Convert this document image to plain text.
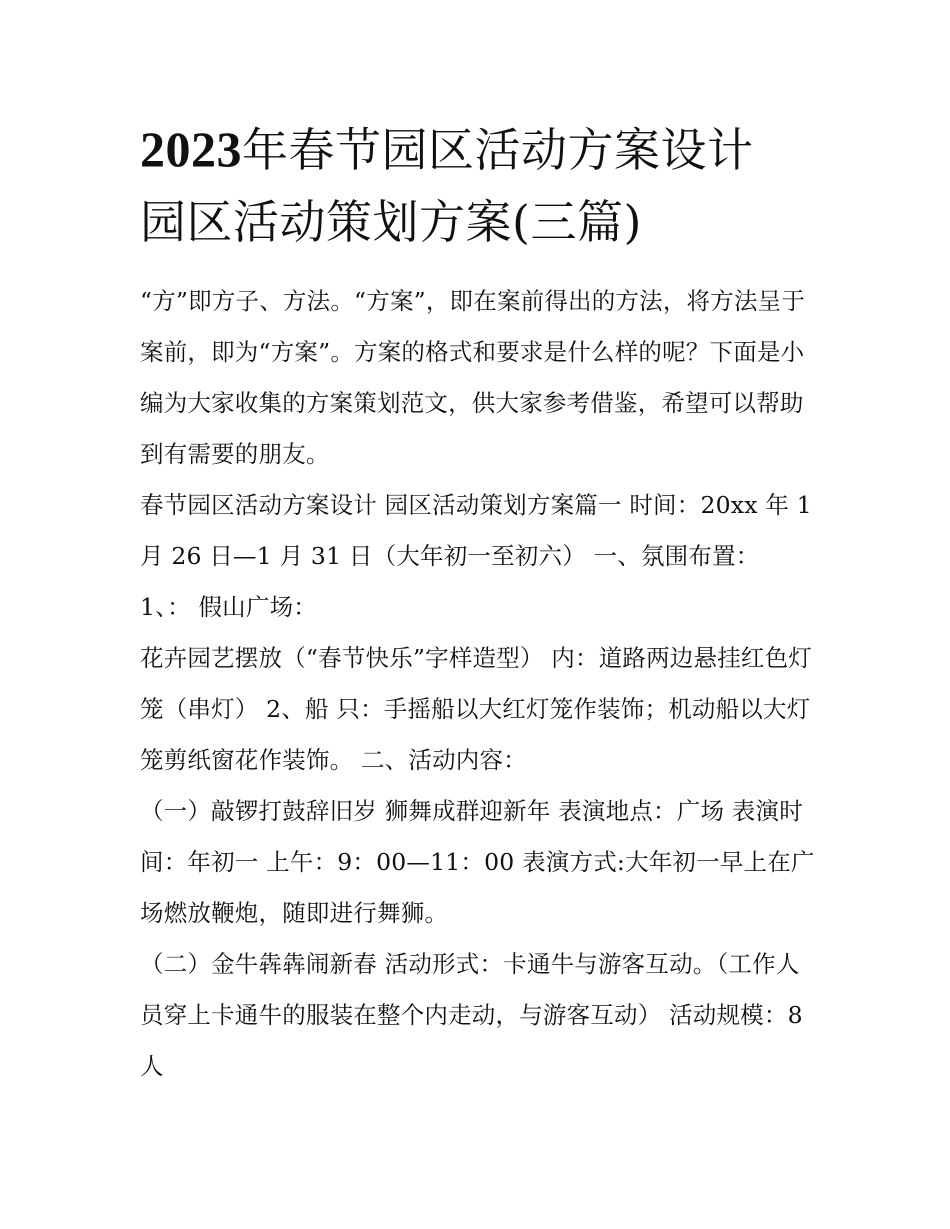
2023年春节园区活动方案设计
园区活动策划方案(三篇)

“方”即方子、方法。“方案”，即在案前得出的方法，将方法呈于案前，即为“方案”。方案的格式和要求是什么样的呢？下面是小编为大家收集的方案策划范文，供大家参考借鉴，希望可以帮助到有需要的朋友。

春节园区活动方案设计 园区活动策划方案篇一 时间：20xx 年 1 月 26 日—1 月 31 日（大年初一至初六） 一、氛围布置：

1、： 假山广场：

花卉园艺摆放（“春节快乐”字样造型） 内：道路两边悬挂红色灯笼（串灯） 2、船 只：手摇船以大红灯笼作装饰；机动船以大灯笼剪纸窗花作装饰。 二、活动内容：

（一）敲锣打鼓辞旧岁 狮舞成群迎新年 表演地点：广场 表演时间：年初一 上午：9：00—11：00 表演方式:大年初一早上在广场燃放鞭炮，随即进行舞狮。

（二）金牛犇犇闹新春 活动形式：卡通牛与游客互动。（工作人员穿上卡通牛的服装在整个内走动，与游客互动） 活动规模：8 人
